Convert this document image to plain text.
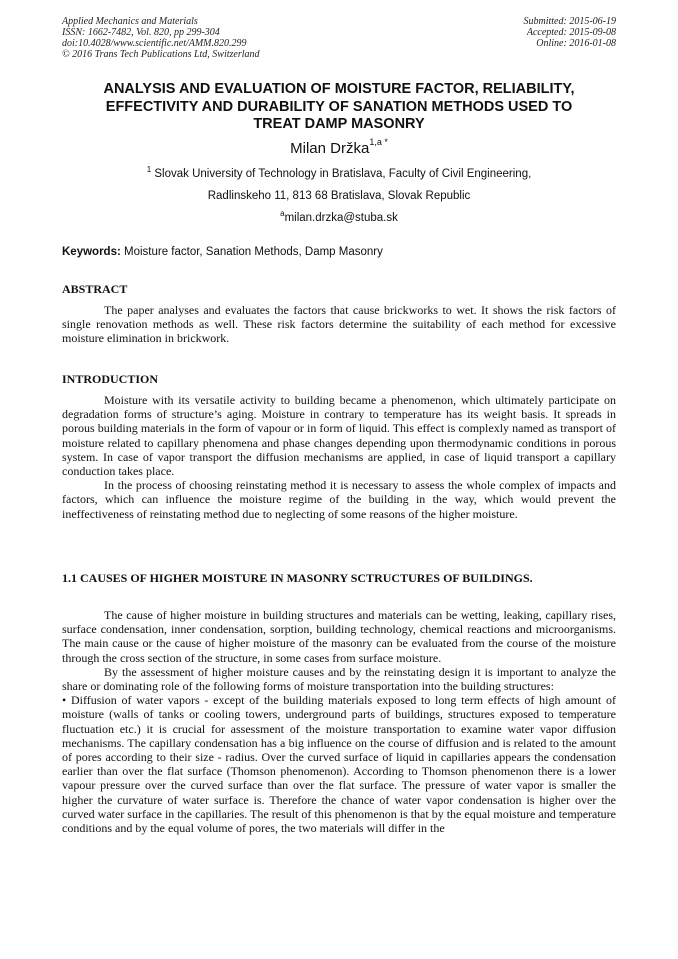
Applied Mechanics and Materials
ISSN: 1662-7482, Vol. 820, pp 299-304
doi:10.4028/www.scientific.net/AMM.820.299
© 2016 Trans Tech Publications Ltd, Switzerland
Submitted: 2015-06-19
Accepted: 2015-09-08
Online: 2016-01-08
ANALYSIS AND EVALUATION OF MOISTURE FACTOR, RELIABILITY,
EFFECTIVITY AND DURABILITY OF SANATION METHODS USED TO
TREAT DAMP MASONRY
Milan Držka$^{1,a *}$
$^1$ Slovak University of Technology in Bratislava, Faculty of Civil Engineering,
Radlinskeho 11, 813 68 Bratislava, Slovak Republic
$^a$milan.drzka@stuba.sk
Keywords: Moisture factor, Sanation Methods, Damp Masonry
ABSTRACT

The paper analyses and evaluates the factors that cause brickworks to wet. It shows the risk factors of single renovation methods as well. These risk factors determine the suitability of each method for excessive moisture elimination in brickwork.

INTRODUCTION

Moisture with its versatile activity to building became a phenomenon, which ultimately participate on degradation forms of structure’s aging. Moisture in contrary to temperature has its weight basis. It spreads in porous building materials in the form of vapour or in form of liquid. This effect is complexly named as transport of moisture related to capillary phenomena and phase changes depending upon thermodynamic conditions in porous system. In case of vapor transport the diffusion mechanisms are applied, in case of liquid transport a capillary conduction takes place.

In the process of choosing reinstating method it is necessary to assess the whole complex of impacts and factors, which can influence the moisture regime of the building in the way, which would prevent the ineffectiveness of reinstating method due to neglecting of some reasons of the higher moisture.

1.1 CAUSES OF HIGHER MOISTURE IN MASONRY SCTRUCTURES OF BUILDINGS.

The cause of higher moisture in building structures and materials can be wetting, leaking, capillary rises, surface condensation, inner condensation, sorption, building technology, chemical reactions and microorganisms. The main cause or the cause of higher moisture of the masonry can be evaluated from the course of the moisture through the cross section of the structure, in some cases from surface moisture.

By the assessment of higher moisture causes and by the reinstating design it is important to analyze the share or dominating role of the following forms of moisture transportation into the building structures:

• Diffusion of water vapors - except of the building materials exposed to long term effects of high amount of moisture (walls of tanks or cooling towers, underground parts of buildings, structures exposed to temperature fluctuation etc.) it is crucial for assessment of the moisture transportation to examine water vapor diffusion mechanisms. The capillary condensation has a big influence on the course of diffusion and is related to the amount of pores according to their size - radius. Over the curved surface of liquid in capillaries appears the condensation earlier than over the flat surface (Thomson phenomenon). According to Thomson phenomenon there is a lower vapour pressure over the curved surface than over the flat surface. The pressure of water vapor is smaller the higher the curvature of water surface is. Therefore the chance of water vapor condensation is higher over the curved water surface in the capillaries. The result of this phenomenon is that by the equal moisture and temperature conditions and by the equal volume of pores, the two materials will differ in the
